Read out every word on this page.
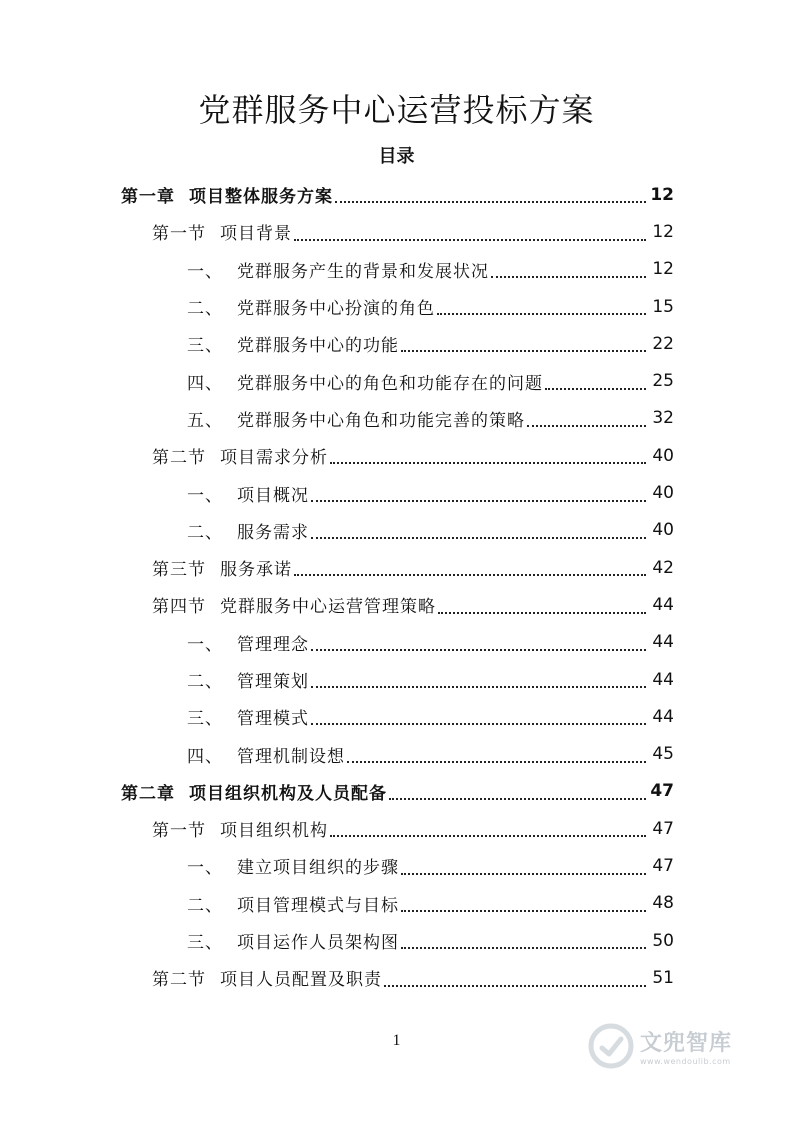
党群服务中心运营投标方案
目录
第一章 项目整体服务方案	12
第一节 项目背景	12
一、 党群服务产生的背景和发展状况	12
二、 党群服务中心扮演的角色	15
三、 党群服务中心的功能	22
四、 党群服务中心的角色和功能存在的问题	25
五、 党群服务中心角色和功能完善的策略	32
第二节 项目需求分析	40
一、 项目概况	40
二、 服务需求	40
第三节 服务承诺	42
第四节 党群服务中心运营管理策略	44
一、 管理理念	44
二、 管理策划	44
三、 管理模式	44
四、 管理机制设想	45
第二章 项目组织机构及人员配备	47
第一节 项目组织机构	47
一、 建立项目组织的步骤	47
二、 项目管理模式与目标	48
三、 项目运作人员架构图	50
第二节 项目人员配置及职责	51
1	文兜智库
www.wendoulib.com
